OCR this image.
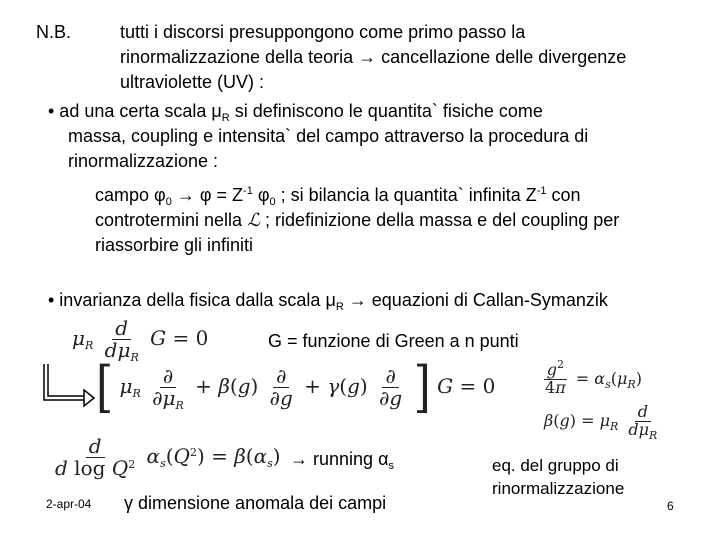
N.B.	tutti i discorsi presuppongono come primo passo la
rinormalizzazione della teoria → cancellazione delle divergenze
ultraviolette (UV) :
• ad una certa scala $\mu_R$ si definiscono le quantita` fisiche come
massa, coupling e intensita` del campo attraverso la procedura di
rinormalizzazione :
campo $\varphi_0 \to \varphi = Z^{-1}$ $\varphi_0$ ; si bilancia la quantita` infinita $Z^{-1}$ con
controtermini nella ℒ ; ridefinizione della massa e del coupling per
riassorbire gli infiniti
• invarianza della fisica dalla scala $\mu_R$ → equazioni di Callan-Symanzik
$\mu_R \frac{d}{d\mu_R}$ G = 0	G = funzione di Green a n punti
[ $\mu_R \frac{\partial}{\partial\mu_R} + \beta(g) \frac{\partial}{\partial g} + \gamma(g) \frac{\partial}{\partial g}$ ] G = 0	$\frac{g^2}{4\pi} = \alpha_s(\mu_R)$
$\beta(g) = \mu_R \frac{d}{d\mu_R}$
$\frac{d}{d \log Q^2} \alpha_s(Q^2) = \beta(\alpha_s)$ → running $\alpha_s$	eq. del gruppo di
rinormalizzazione
γ dimensione anomala dei campi
2-apr-04	6
